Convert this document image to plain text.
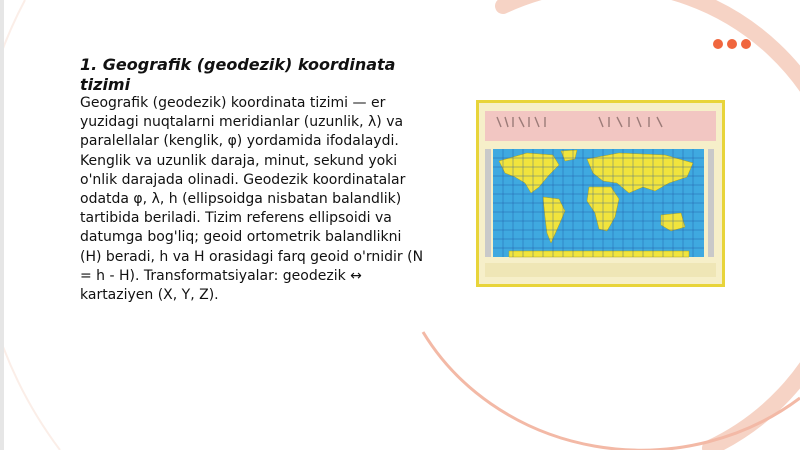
1. Geografik (geodezik) koordinata tizimi

Geografik (geodezik) koordinata tizimi — er yuzidagi nuqtalarni meridianlar (uzunlik, λ) va paralellalar (kenglik, φ) yordamida ifodalaydi. Kenglik va uzunlik daraja, minut, sekund yoki o'nlik darajada olinadi. Geodezik koordinatalar odatda φ, λ, h (ellipsoidga nisbatan balandlik) tartibida beriladi. Tizim referens ellipsoidi va datumga bog'liq; geoid ortometrik balandlikni (H) beradi, h va H orasidagi farq geoid o'rnidir (N = h - H). Transformatsiyalar: geodezik ↔ kartaziyen (X, Y, Z).
